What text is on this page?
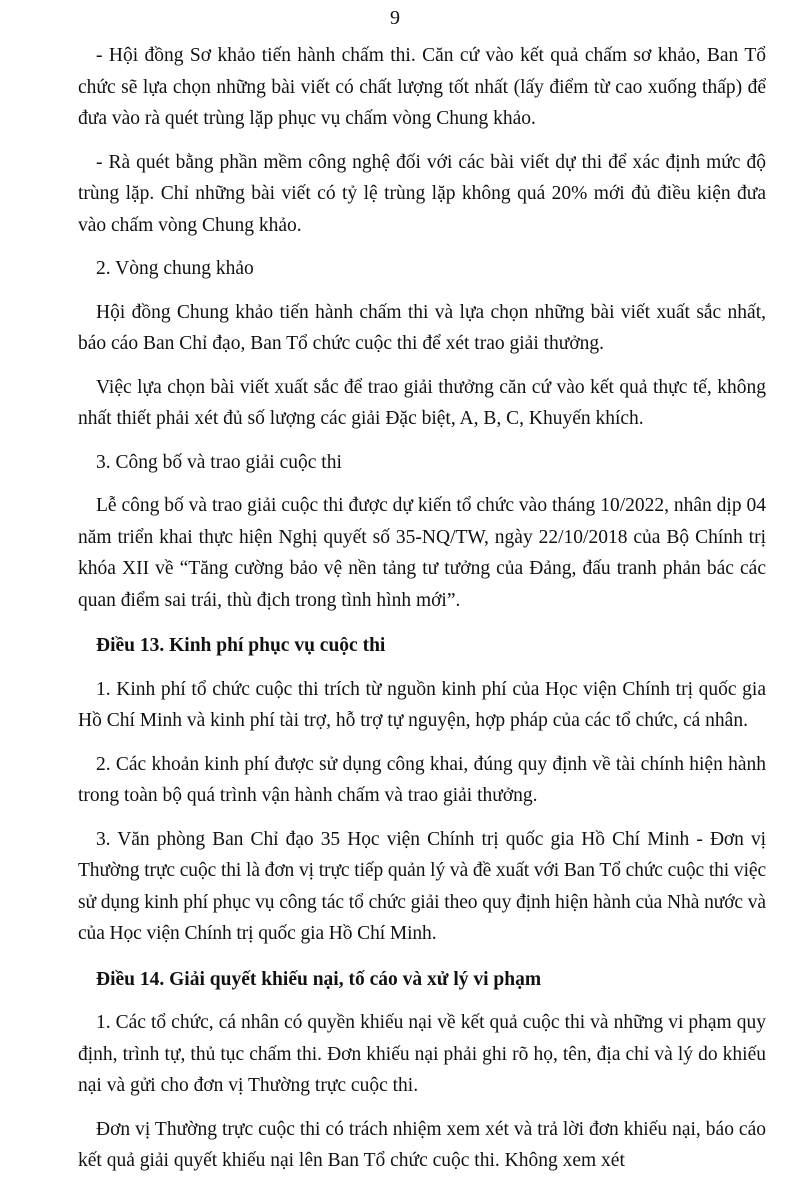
9

- Hội đồng Sơ khảo tiến hành chấm thi. Căn cứ vào kết quả chấm sơ khảo, Ban Tổ chức sẽ lựa chọn những bài viết có chất lượng tốt nhất (lấy điểm từ cao xuống thấp) để đưa vào rà quét trùng lặp phục vụ chấm vòng Chung khảo.

- Rà quét bằng phần mềm công nghệ đối với các bài viết dự thi để xác định mức độ trùng lặp. Chỉ những bài viết có tỷ lệ trùng lặp không quá 20% mới đủ điều kiện đưa vào chấm vòng Chung khảo.

2. Vòng chung khảo

Hội đồng Chung khảo tiến hành chấm thi và lựa chọn những bài viết xuất sắc nhất, báo cáo Ban Chỉ đạo, Ban Tổ chức cuộc thi để xét trao giải thưởng.

Việc lựa chọn bài viết xuất sắc để trao giải thưởng căn cứ vào kết quả thực tế, không nhất thiết phải xét đủ số lượng các giải Đặc biệt, A, B, C, Khuyến khích.

3. Công bố và trao giải cuộc thi

Lễ công bố và trao giải cuộc thi được dự kiến tổ chức vào tháng 10/2022, nhân dịp 04 năm triển khai thực hiện Nghị quyết số 35-NQ/TW, ngày 22/10/2018 của Bộ Chính trị khóa XII về “Tăng cường bảo vệ nền tảng tư tưởng của Đảng, đấu tranh phản bác các quan điểm sai trái, thù địch trong tình hình mới”.

Điều 13. Kinh phí phục vụ cuộc thi

1. Kinh phí tổ chức cuộc thi trích từ nguồn kinh phí của Học viện Chính trị quốc gia Hồ Chí Minh và kinh phí tài trợ, hỗ trợ tự nguyện, hợp pháp của các tổ chức, cá nhân.

2. Các khoản kinh phí được sử dụng công khai, đúng quy định về tài chính hiện hành trong toàn bộ quá trình vận hành chấm và trao giải thưởng.

3. Văn phòng Ban Chỉ đạo 35 Học viện Chính trị quốc gia Hồ Chí Minh - Đơn vị Thường trực cuộc thi là đơn vị trực tiếp quản lý và đề xuất với Ban Tổ chức cuộc thi việc sử dụng kinh phí phục vụ công tác tổ chức giải theo quy định hiện hành của Nhà nước và của Học viện Chính trị quốc gia Hồ Chí Minh.

Điều 14. Giải quyết khiếu nại, tố cáo và xử lý vi phạm

1. Các tổ chức, cá nhân có quyền khiếu nại về kết quả cuộc thi và những vi phạm quy định, trình tự, thủ tục chấm thi. Đơn khiếu nại phải ghi rõ họ, tên, địa chỉ và lý do khiếu nại và gửi cho đơn vị Thường trực cuộc thi.

Đơn vị Thường trực cuộc thi có trách nhiệm xem xét và trả lời đơn khiếu nại, báo cáo kết quả giải quyết khiếu nại lên Ban Tổ chức cuộc thi. Không xem xét
